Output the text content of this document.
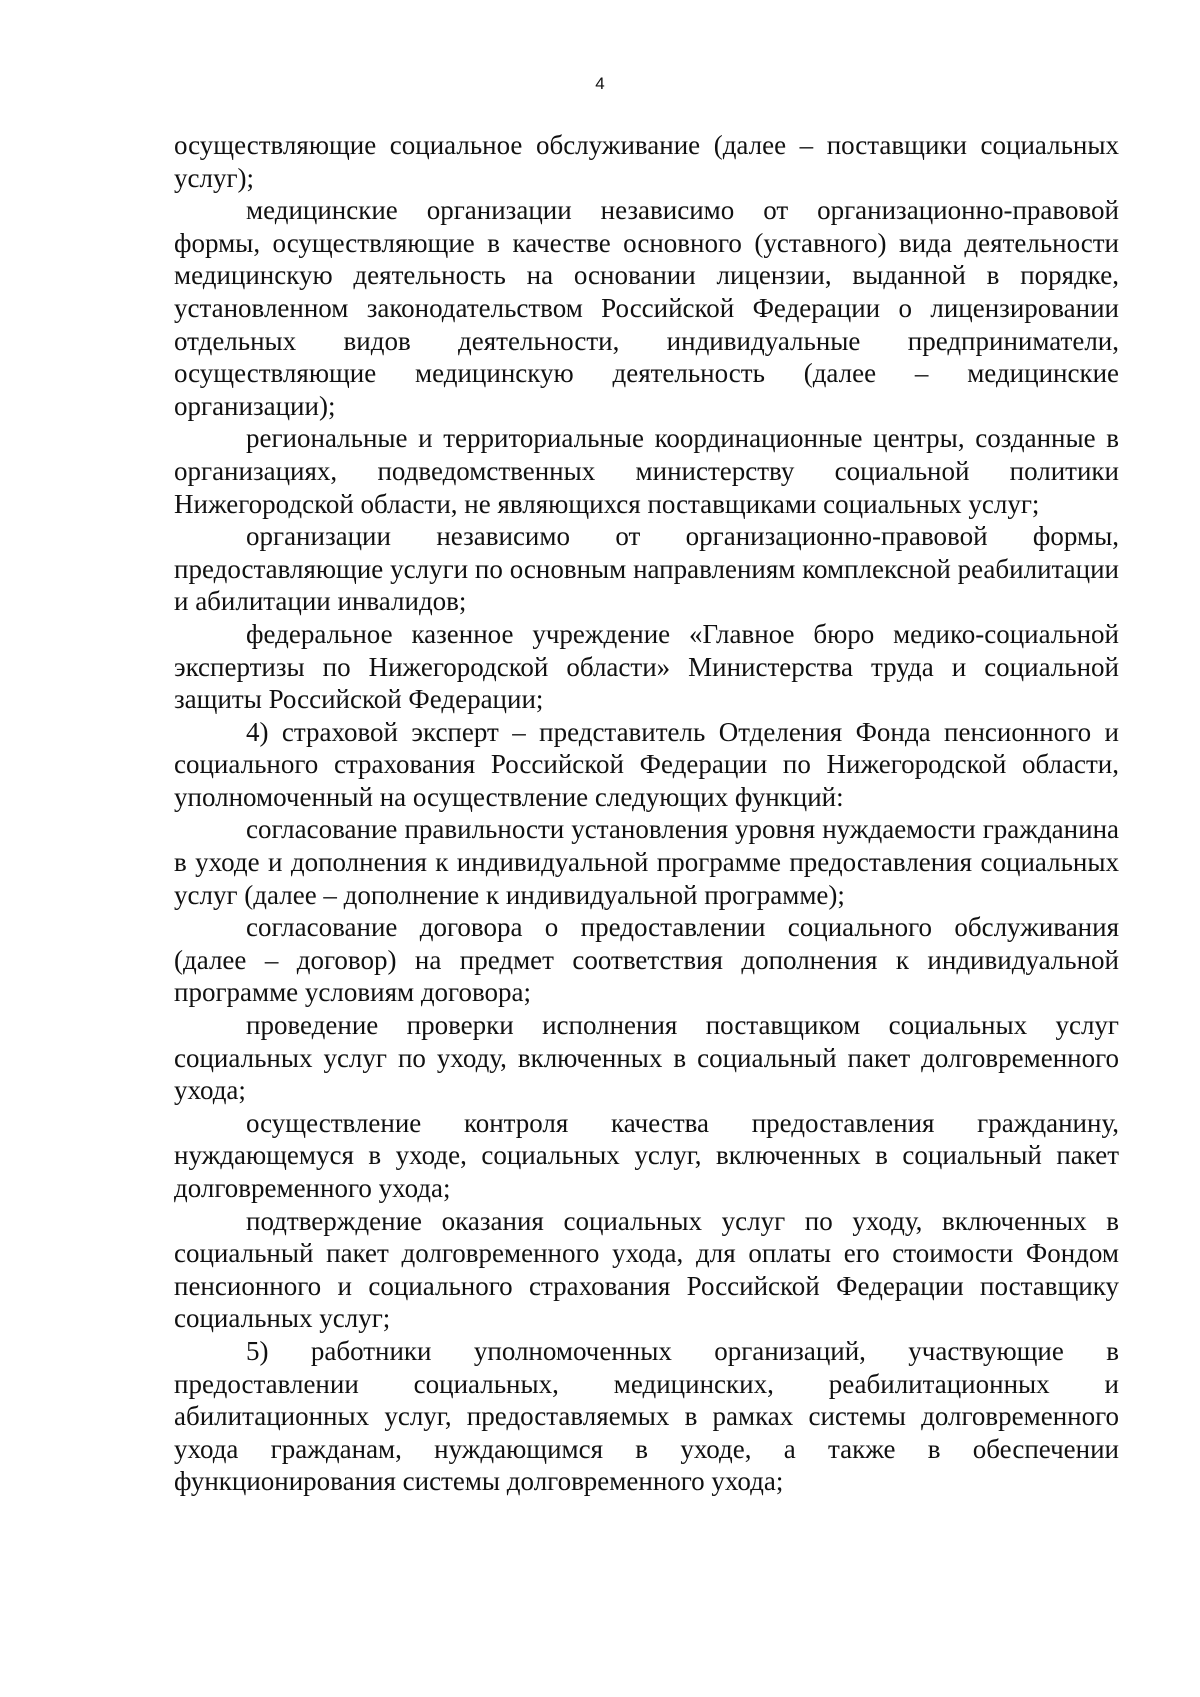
4

осуществляющие социальное обслуживание (далее – поставщики социальных услуг);

медицинские организации независимо от организационно-правовой формы, осуществляющие в качестве основного (уставного) вида деятельности медицинскую деятельность на основании лицензии, выданной в порядке, установленном законодательством Российской Федерации о лицензировании отдельных видов деятельности, индивидуальные предприниматели, осуществляющие медицинскую деятельность (далее – медицинские организации);

региональные и территориальные координационные центры, созданные в организациях, подведомственных министерству социальной политики Нижегородской области, не являющихся поставщиками социальных услуг;

организации независимо от организационно-правовой формы, предоставляющие услуги по основным направлениям комплексной реабилитации и абилитации инвалидов;

федеральное казенное учреждение «Главное бюро медико-социальной экспертизы по Нижегородской области» Министерства труда и социальной защиты Российской Федерации;

4) страховой эксперт – представитель Отделения Фонда пенсионного и социального страхования Российской Федерации по Нижегородской области, уполномоченный на осуществление следующих функций:

согласование правильности установления уровня нуждаемости гражданина в уходе и дополнения к индивидуальной программе предоставления социальных услуг (далее – дополнение к индивидуальной программе);

согласование договора о предоставлении социального обслуживания (далее – договор) на предмет соответствия дополнения к индивидуальной программе условиям договора;

проведение проверки исполнения поставщиком социальных услуг социальных услуг по уходу, включенных в социальный пакет долговременного ухода;

осуществление контроля качества предоставления гражданину, нуждающемуся в уходе, социальных услуг, включенных в социальный пакет долговременного ухода;

подтверждение оказания социальных услуг по уходу, включенных в социальный пакет долговременного ухода, для оплаты его стоимости Фондом пенсионного и социального страхования Российской Федерации поставщику социальных услуг;

5) работники уполномоченных организаций, участвующие в предоставлении социальных, медицинских, реабилитационных и абилитационных услуг, предоставляемых в рамках системы долговременного ухода гражданам, нуждающимся в уходе, а также в обеспечении функционирования системы долговременного ухода;
